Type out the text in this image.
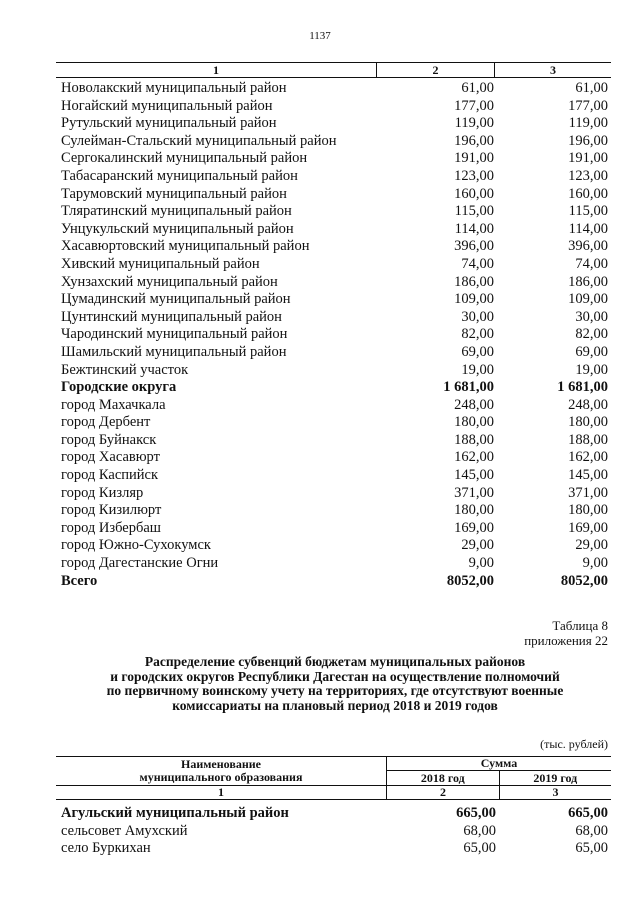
1137
1	2	3
Новолакский муниципальный район	61,00	61,00
Ногайский муниципальный район	177,00	177,00
Рутульский муниципальный район	119,00	119,00
Сулейман-Стальский муниципальный район	196,00	196,00
Сергокалинский муниципальный район	191,00	191,00
Табасаранский муниципальный район	123,00	123,00
Тарумовский муниципальный район	160,00	160,00
Тляратинский муниципальный район	115,00	115,00
Унцукульский муниципальный район	114,00	114,00
Хасавюртовский муниципальный район	396,00	396,00
Хивский муниципальный район	74,00	74,00
Хунзахский муниципальный район	186,00	186,00
Цумадинский муниципальный район	109,00	109,00
Цунтинский муниципальный район	30,00	30,00
Чародинский муниципальный район	82,00	82,00
Шамильский муниципальный район	69,00	69,00
Бежтинский участок	19,00	19,00
Городские округа	1 681,00	1 681,00
город Махачкала	248,00	248,00
город Дербент	180,00	180,00
город Буйнакск	188,00	188,00
город Хасавюрт	162,00	162,00
город Каспийск	145,00	145,00
город Кизляр	371,00	371,00
город Кизилюрт	180,00	180,00
город Избербаш	169,00	169,00
город Южно-Сухокумск	29,00	29,00
город Дагестанские Огни	9,00	9,00
Всего	8052,00	8052,00
Таблица 8
приложения 22
Распределение субвенций бюджетам муниципальных районов
и городских округов Республики Дагестан на осуществление полномочий
по первичному воинскому учету на территориях, где отсутствуют военные
комиссариаты на плановый период 2018 и 2019 годов
(тыс. рублей)
Наименование
муниципального образования
Сумма
2018 год	2019 год
1	2	3
Агульский муниципальный район	665,00	665,00
сельсовет Амухский	68,00	68,00
село Буркихан	65,00	65,00
